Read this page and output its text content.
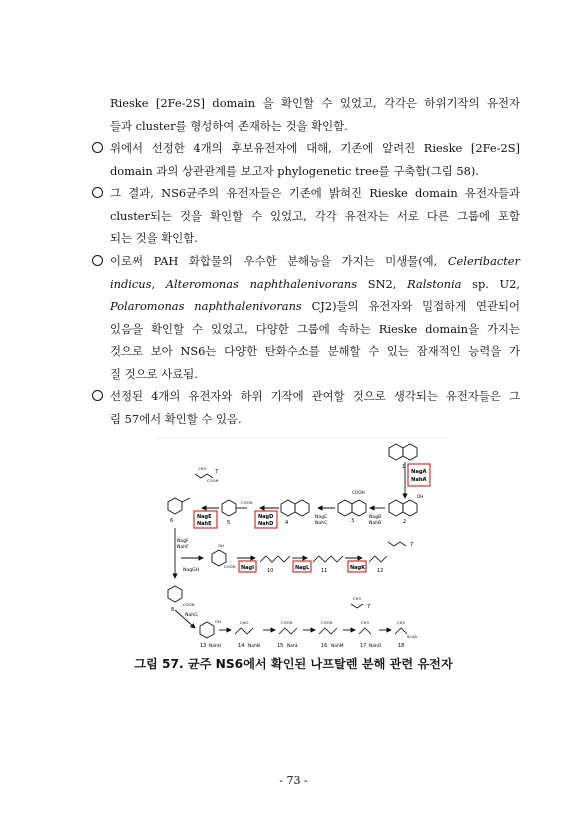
Rieske [2Fe-2S] domain 을 확인할 수 있었고, 각각은 하위기작의 유전자
들과 cluster를 형성하여 존재하는 것을 확인함.
위에서 선정한 4개의 후보유전자에 대해, 기존에 알려진 Rieske [2Fe-2S]
domain 과의 상관관계를 보고자 phylogenetic tree를 구축함(그림 58).
그 결과, NS6균주의 유전자들은 기존에 밝혀진 Rieske domain 유전자들과
cluster되는 것을 확인할 수 있었고, 각각 유전자는 서로 다른 그룹에 포함
되는 것을 확인함.
이로써 PAH 화합물의 우수한 분해능을 가지는 미생물(예, Celeribacter
indicus, Alteromonas naphthalenivorans SN2, Ralstonia sp. U2,
Polaromonas naphthalenivorans CJ2)들의 유전자와 밀접하게 연관되어
있음을 확인할 수 있었고, 다양한 그룹에 속하는 Rieske domain을 가지는
것으로 보아 NS6는 다양한 탄화수소를 분해할 수 있는 잠재적인 능력을 가
질 것으로 사료됨.
선정된 4개의 유전자와 하위 기작에 관여할 것으로 생각되는 유전자들은 그
림 57에서 확인할 수 있음.
1
NagA
NahA
OH
2
NagB
NahB
COOH
3
NagC
NahC
4
NagD
NahD
COOH
5
NagE
NahE
CH3
COOH
7
6
NagF
NahF
NagGH
COOH
OH
NagI	10	NagL 11	NagK 12
7
COOH
8
NahG
OH
13 NahH
CHO
14 NahN
COOH
15 NahL
COOH
16 NahM
CH3
7
CH3
17 NahO
CH3
SCoA
18
그림 57. 균주 NS6에서 확인된 나프탈렌 분해 관련 유전자
- 73 -
